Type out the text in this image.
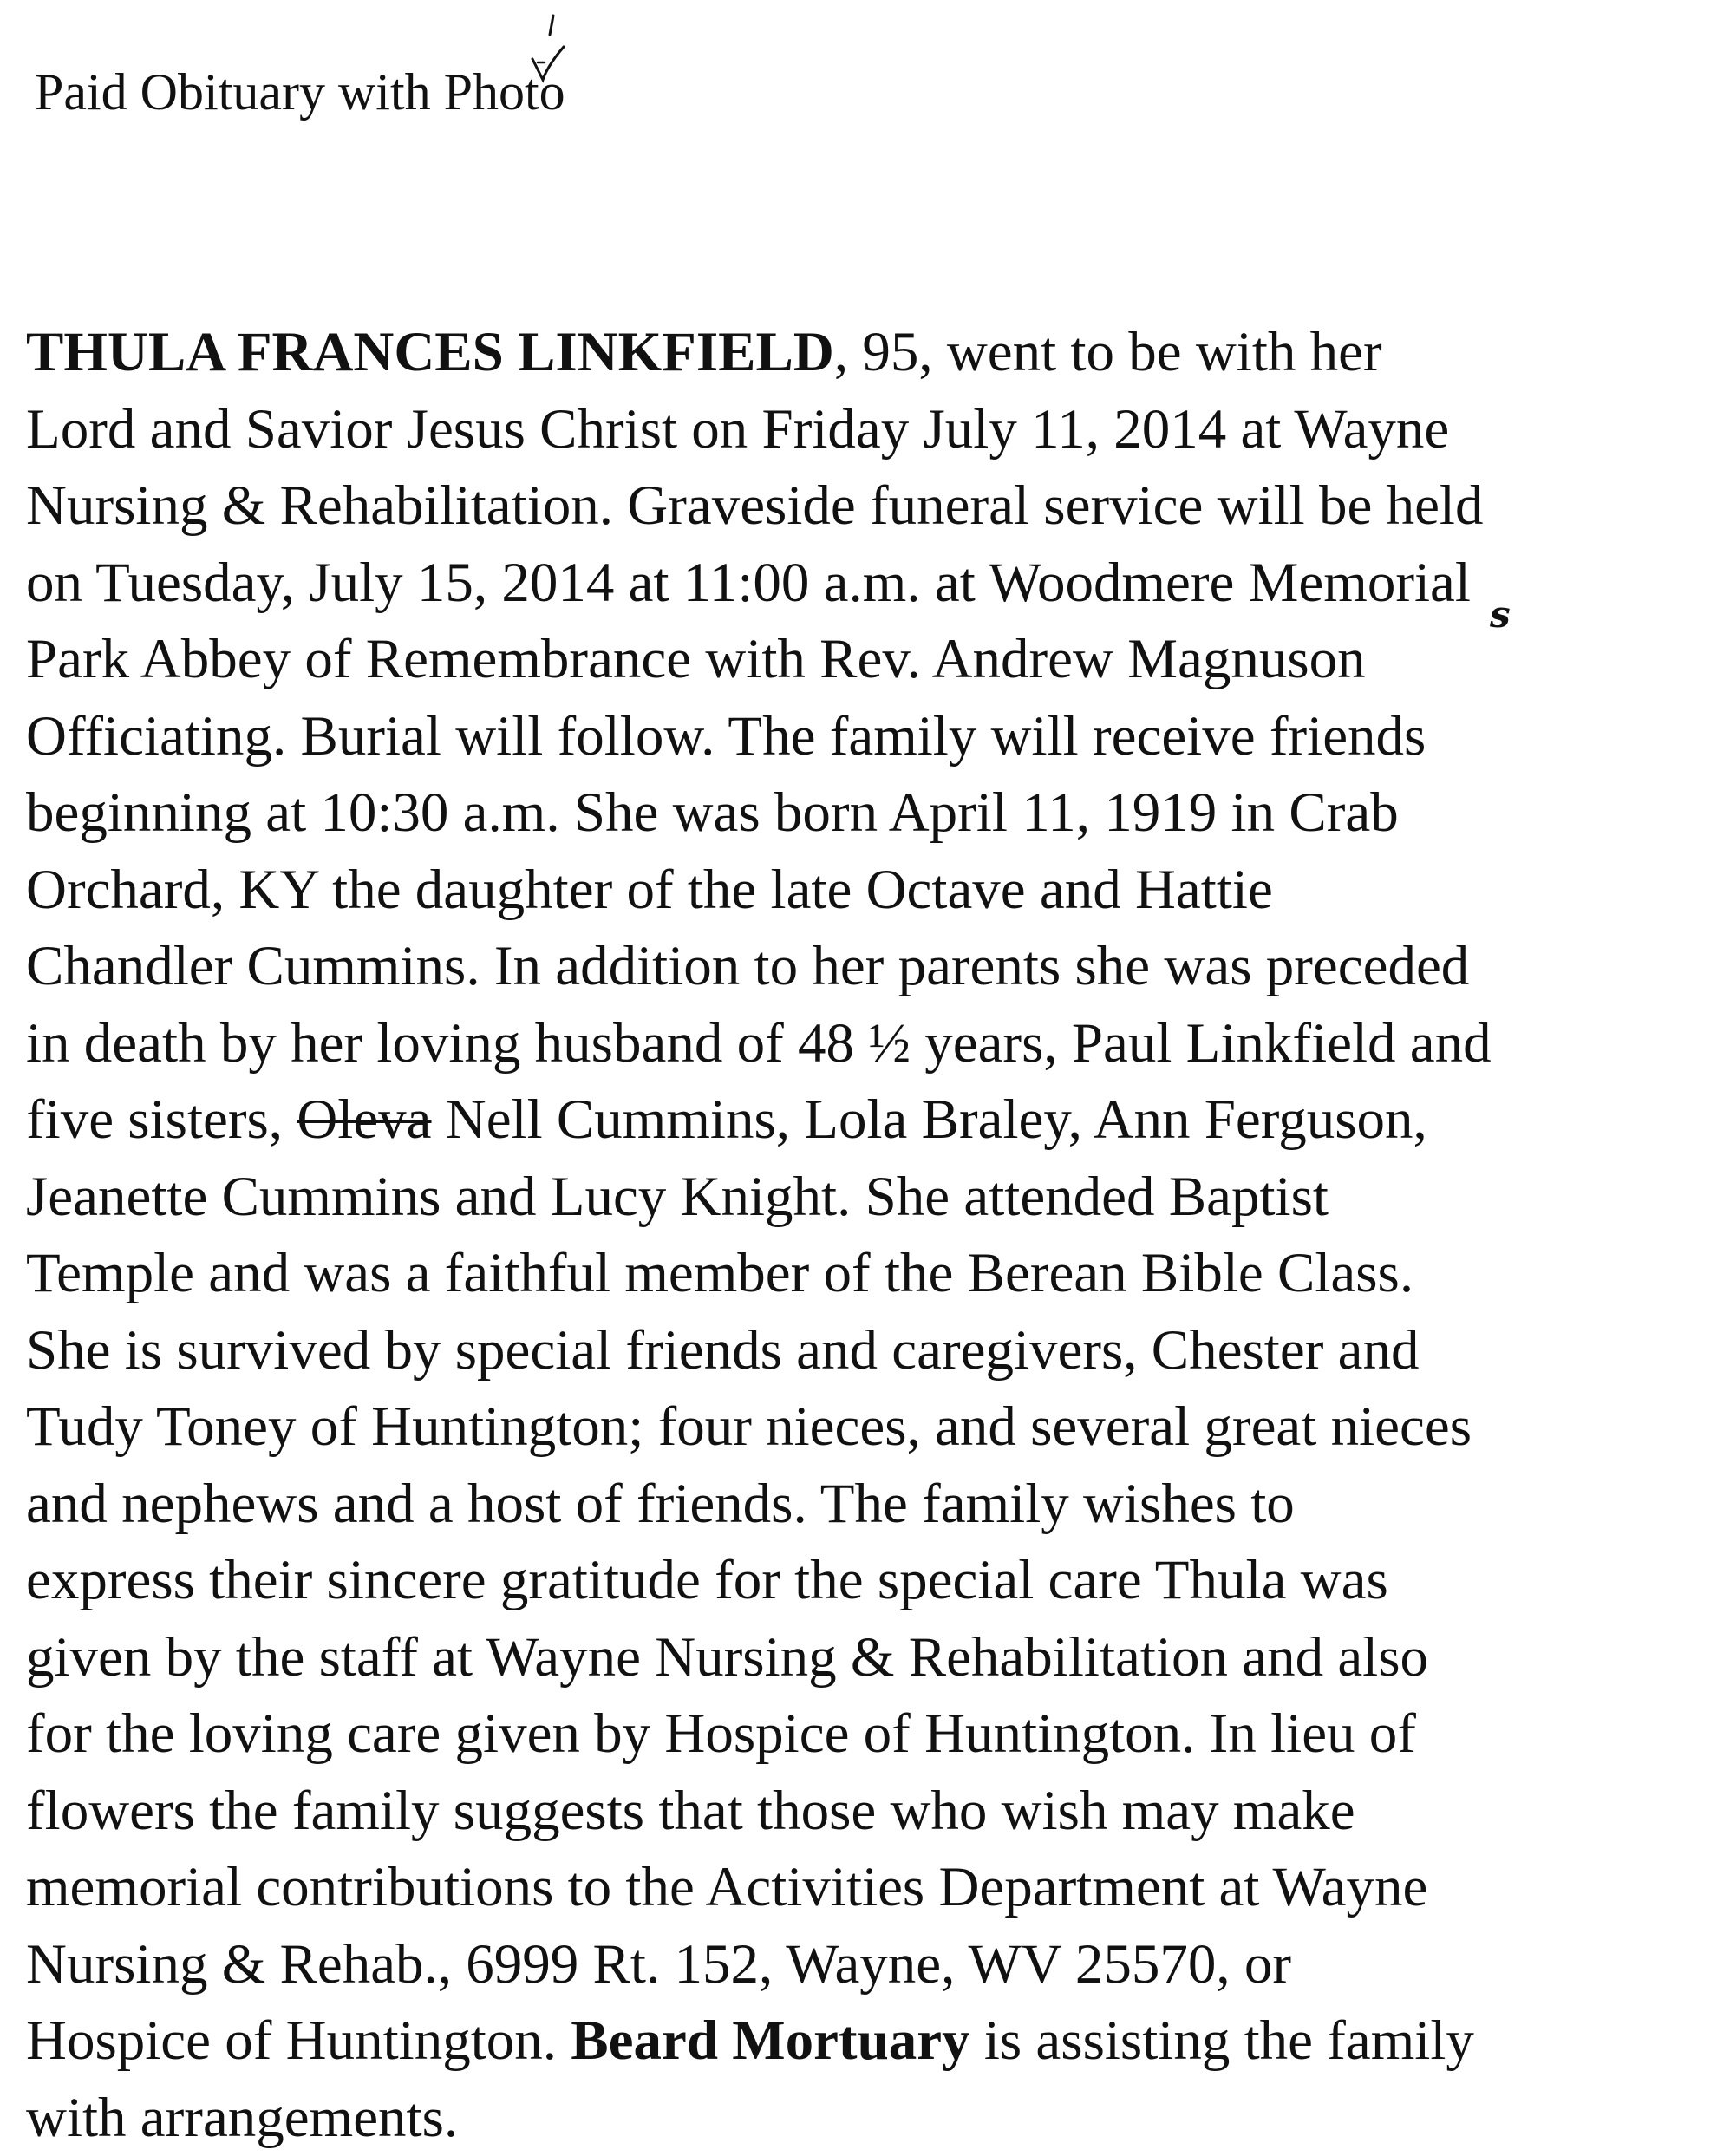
Paid Obituary with Photo
THULA FRANCES LINKFIELD, 95, went to be with her
Lord and Savior Jesus Christ on Friday July 11, 2014 at Wayne
Nursing & Rehabilitation. Graveside funeral service will be held
on Tuesday, July 15, 2014 at 11:00 a.m. at Woodmere Memorial
Park Abbey of Remembrance with Rev. Andrew Magnuson
Officiating. Burial will follow. The family will receive friends
beginning at 10:30 a.m. She was born April 11, 1919 in Crab
Orchard, KY the daughter of the late Octave and Hattie
Chandler Cummins. In addition to her parents she was preceded
in death by her loving husband of 48 ½ years, Paul Linkfield and
five sisters, Oleva Nell Cummins, Lola Braley, Ann Ferguson,
Jeanette Cummins and Lucy Knight. She attended Baptist
Temple and was a faithful member of the Berean Bible Class.
She is survived by special friends and caregivers, Chester and
Tudy Toney of Huntington; four nieces, and several great nieces
and nephews and a host of friends. The family wishes to
express their sincere gratitude for the special care Thula was
given by the staff at Wayne Nursing & Rehabilitation and also
for the loving care given by Hospice of Huntington. In lieu of
flowers the family suggests that those who wish may make
memorial contributions to the Activities Department at Wayne
Nursing & Rehab., 6999 Rt. 152, Wayne, WV 25570, or
Hospice of Huntington. Beard Mortuary is assisting the family
with arrangements.
s
